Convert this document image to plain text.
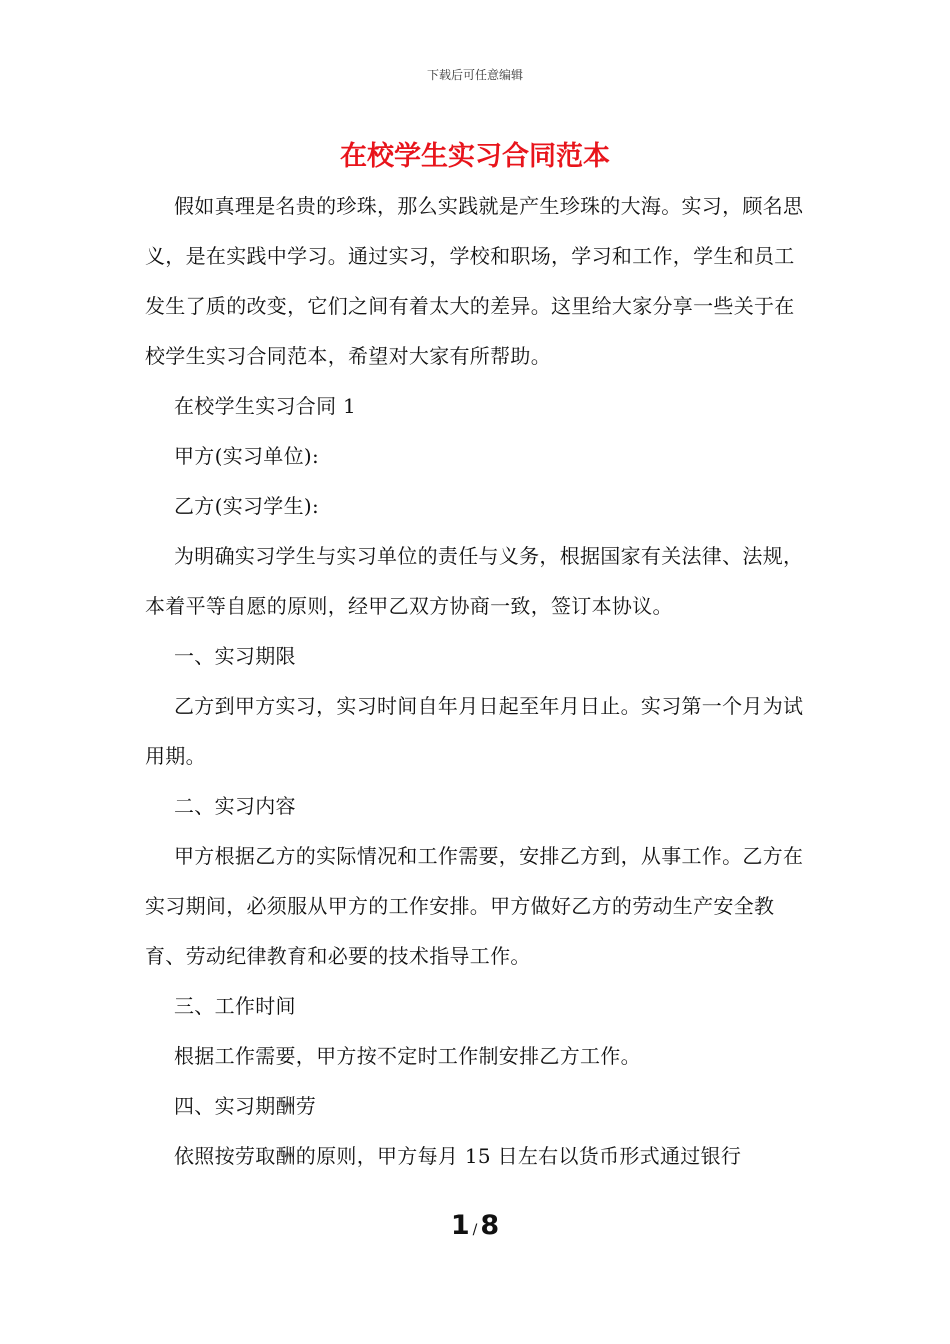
下载后可任意编辑
在校学生实习合同范本

假如真理是名贵的珍珠，那么实践就是产生珍珠的大海。实习，顾名思义，是在实践中学习。通过实习，学校和职场，学习和工作，学生和员工发生了质的改变，它们之间有着太大的差异。这里给大家分享一些关于在校学生实习合同范本，希望对大家有所帮助。

在校学生实习合同 1

甲方(实习单位):

乙方(实习学生):

为明确实习学生与实习单位的责任与义务，根据国家有关法律、法规，本着平等自愿的原则，经甲乙双方协商一致，签订本协议。

一、实习期限

乙方到甲方实习，实习时间自年月日起至年月日止。实习第一个月为试用期。

二、实习内容

甲方根据乙方的实际情况和工作需要，安排乙方到，从事工作。乙方在实习期间，必须服从甲方的工作安排。甲方做好乙方的劳动生产安全教育、劳动纪律教育和必要的技术指导工作。

三、工作时间

根据工作需要，甲方按不定时工作制安排乙方工作。

四、实习期酬劳

依照按劳取酬的原则，甲方每月 15 日左右以货币形式通过银行

1 / 8
